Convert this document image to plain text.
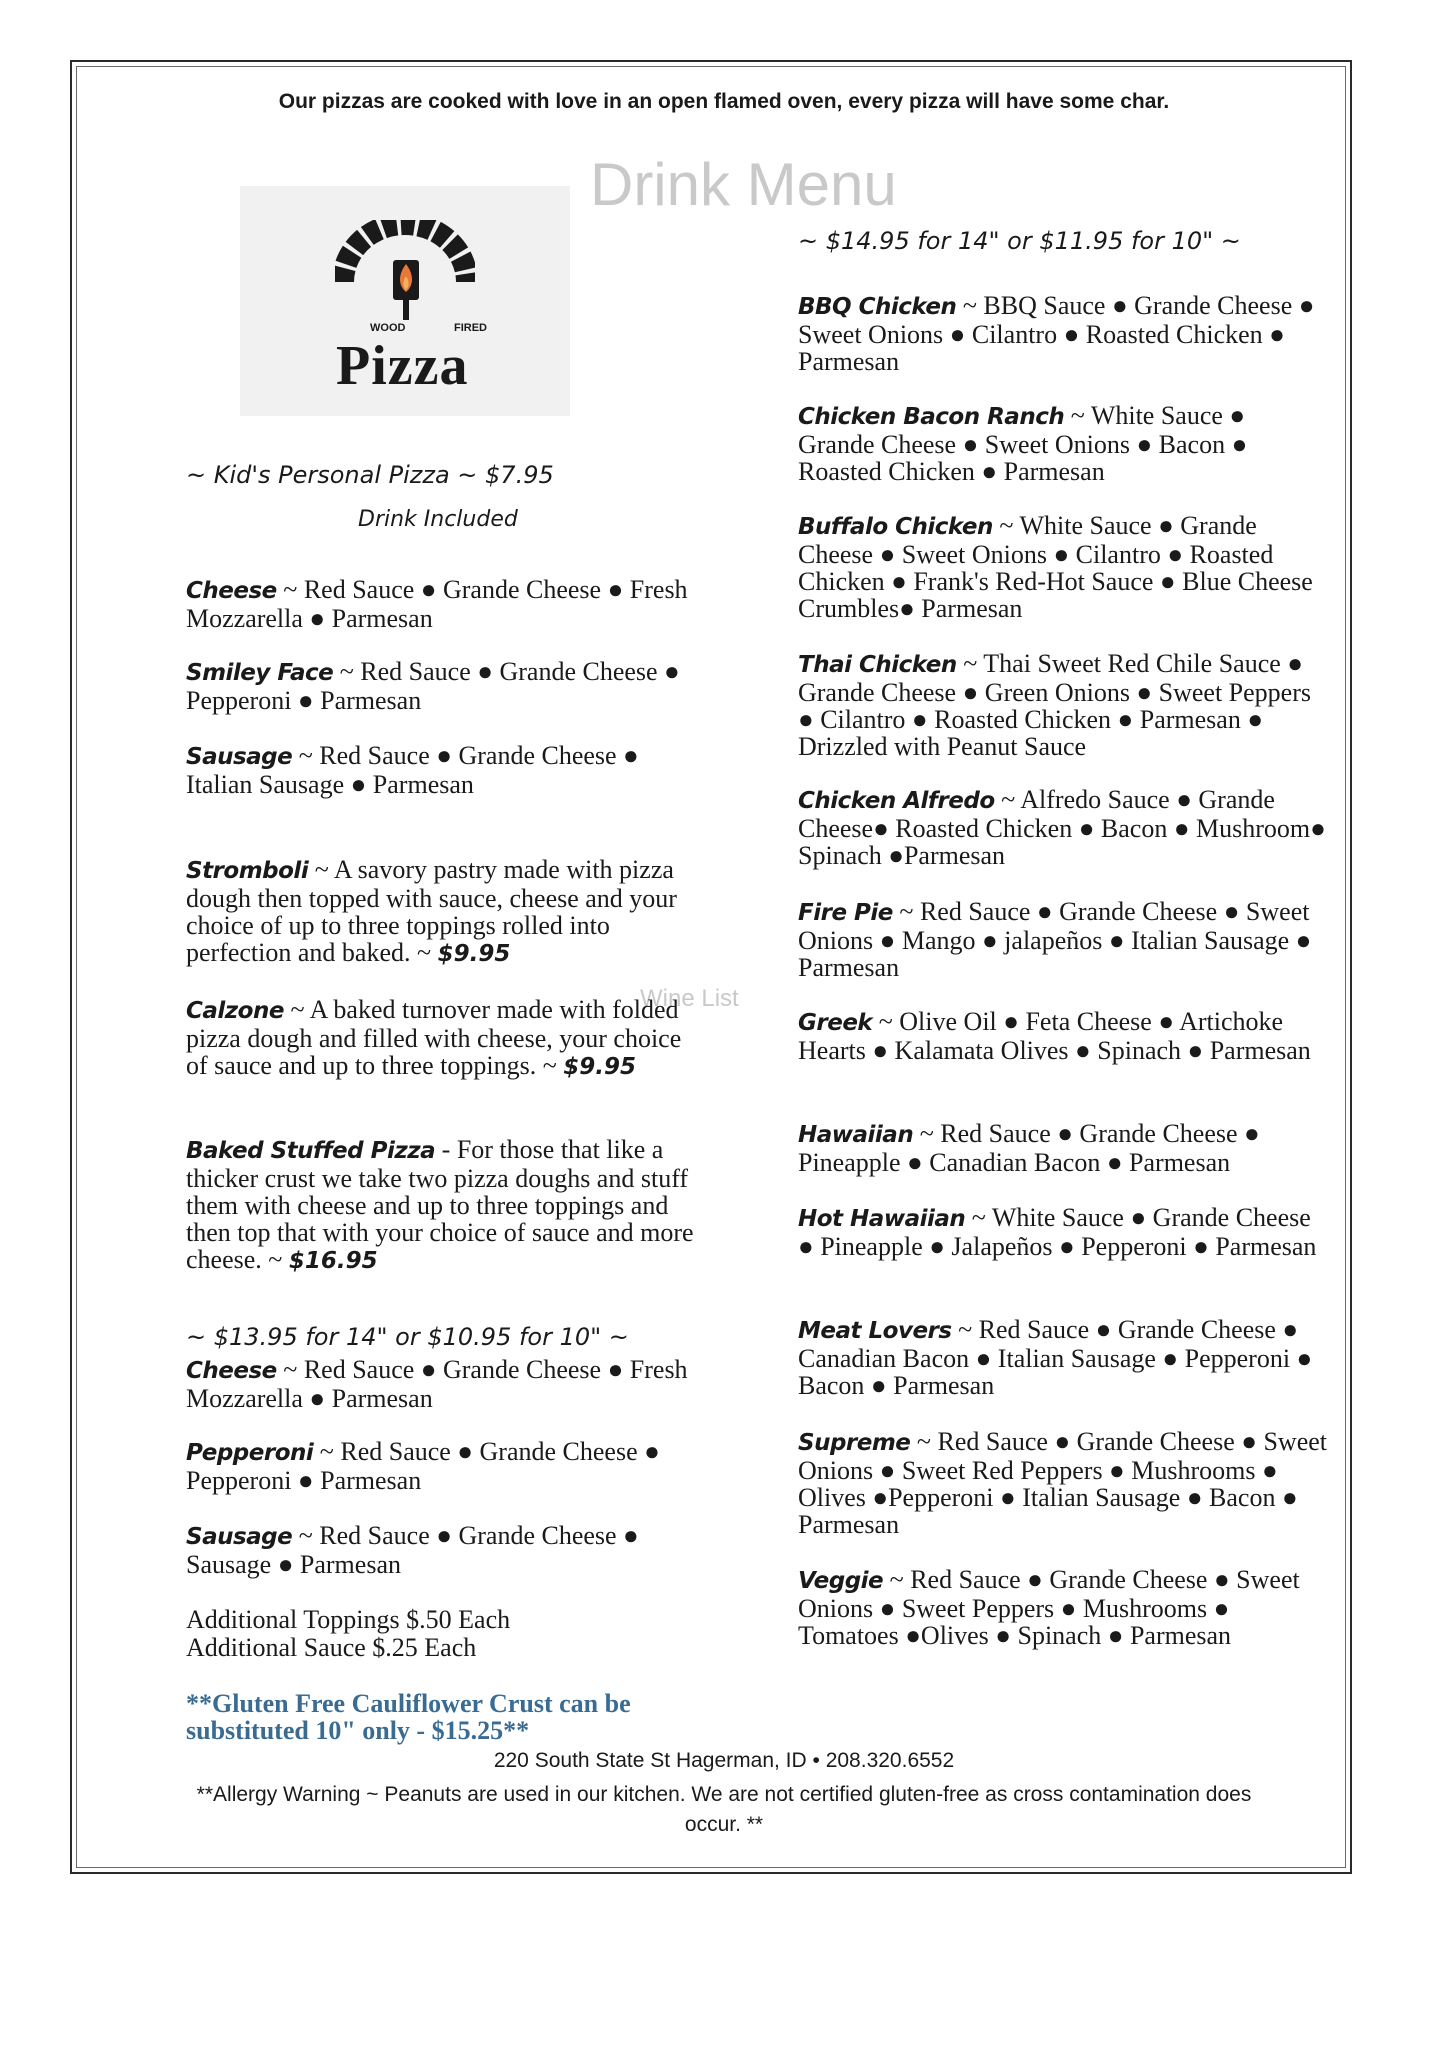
Our pizzas are cooked with love in an open flamed oven, every pizza will have some char.
Drink Menu
Wine List
WOOD	FIRED
Pizza
~ Kid's Personal Pizza ~ $7.95
Drink Included
Cheese ~ Red Sauce ● Grande Cheese ● Fresh Mozzarella ● Parmesan
Smiley Face ~ Red Sauce ● Grande Cheese ● Pepperoni ● Parmesan
Sausage ~ Red Sauce ● Grande Cheese ● Italian Sausage ● Parmesan
Stromboli ~ A savory pastry made with pizza dough then topped with sauce, cheese and your choice of up to three toppings rolled into perfection and baked. ~ $9.95
Calzone ~ A baked turnover made with folded pizza dough and filled with cheese, your choice of sauce and up to three toppings. ~ $9.95
Baked Stuffed Pizza - For those that like a thicker crust we take two pizza doughs and stuff them with cheese and up to three toppings and then top that with your choice of sauce and more cheese. ~ $16.95
~ $13.95 for 14" or $10.95 for 10" ~
Cheese ~ Red Sauce ● Grande Cheese ● Fresh Mozzarella ● Parmesan
Pepperoni ~ Red Sauce ● Grande Cheese ● Pepperoni ● Parmesan
Sausage ~ Red Sauce ● Grande Cheese ● Sausage ● Parmesan
Additional Toppings $.50 Each
Additional Sauce $.25 Each
**Gluten Free Cauliflower Crust can be substituted 10" only - $15.25**
~ $14.95 for 14" or $11.95 for 10" ~
BBQ Chicken ~ BBQ Sauce ● Grande Cheese ● Sweet Onions ● Cilantro ● Roasted Chicken ● Parmesan
Chicken Bacon Ranch ~ White Sauce ● Grande Cheese ● Sweet Onions ● Bacon ● Roasted Chicken ● Parmesan
Buffalo Chicken ~ White Sauce ● Grande Cheese ● Sweet Onions ● Cilantro ● Roasted Chicken ● Frank's Red-Hot Sauce ● Blue Cheese Crumbles● Parmesan
Thai Chicken ~ Thai Sweet Red Chile Sauce ● Grande Cheese ● Green Onions ● Sweet Peppers ● Cilantro ● Roasted Chicken ● Parmesan ● Drizzled with Peanut Sauce
Chicken Alfredo ~ Alfredo Sauce ● Grande Cheese● Roasted Chicken ● Bacon ● Mushroom● Spinach ●Parmesan
Fire Pie ~ Red Sauce ● Grande Cheese ● Sweet Onions ● Mango ● jalapeños ● Italian Sausage ● Parmesan
Greek ~ Olive Oil ● Feta Cheese ● Artichoke Hearts ● Kalamata Olives ● Spinach ● Parmesan
Hawaiian ~ Red Sauce ● Grande Cheese ● Pineapple ● Canadian Bacon ● Parmesan
Hot Hawaiian ~ White Sauce ● Grande Cheese ● Pineapple ● Jalapeños ● Pepperoni ● Parmesan
Meat Lovers ~ Red Sauce ● Grande Cheese ● Canadian Bacon ● Italian Sausage ● Pepperoni ● Bacon ● Parmesan
Supreme ~ Red Sauce ● Grande Cheese ● Sweet Onions ● Sweet Red Peppers ● Mushrooms ● Olives ●Pepperoni ● Italian Sausage ● Bacon ● Parmesan
Veggie ~ Red Sauce ● Grande Cheese ● Sweet Onions ● Sweet Peppers ● Mushrooms ● Tomatoes ●Olives ● Spinach ● Parmesan
220 South State St Hagerman, ID • 208.320.6552
**Allergy Warning ~ Peanuts are used in our kitchen. We are not certified gluten-free as cross contamination does occur. **
